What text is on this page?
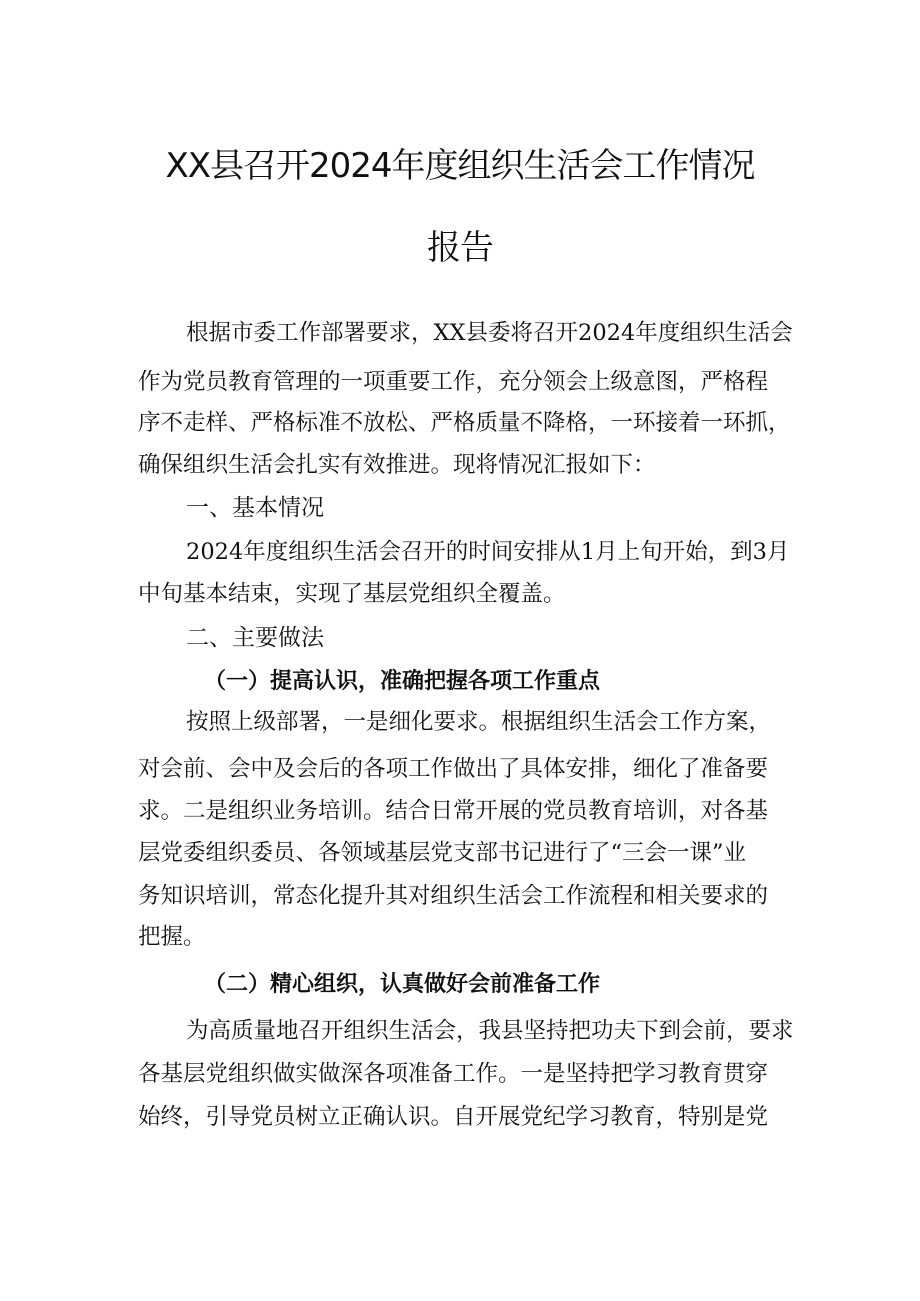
XX县召开2024年度组织生活会工作情况
报告
根据市委工作部署要求，XX县委将召开2024年度组织生活会
作为党员教育管理的一项重要工作，充分领会上级意图，严格程
序不走样、严格标准不放松、严格质量不降格，一环接着一环抓，
确保组织生活会扎实有效推进。现将情况汇报如下：
一、基本情况
2024年度组织生活会召开的时间安排从1月上旬开始，到3月
中旬基本结束，实现了基层党组织全覆盖。
二、主要做法
（一）提高认识，准确把握各项工作重点
按照上级部署，一是细化要求。根据组织生活会工作方案，
对会前、会中及会后的各项工作做出了具体安排，细化了准备要
求。二是组织业务培训。结合日常开展的党员教育培训，对各基
层党委组织委员、各领域基层党支部书记进行了“三会一课”业
务知识培训，常态化提升其对组织生活会工作流程和相关要求的
把握。
（二）精心组织，认真做好会前准备工作
为高质量地召开组织生活会，我县坚持把功夫下到会前，要求
各基层党组织做实做深各项准备工作。一是坚持把学习教育贯穿
始终，引导党员树立正确认识。自开展党纪学习教育，特别是党
